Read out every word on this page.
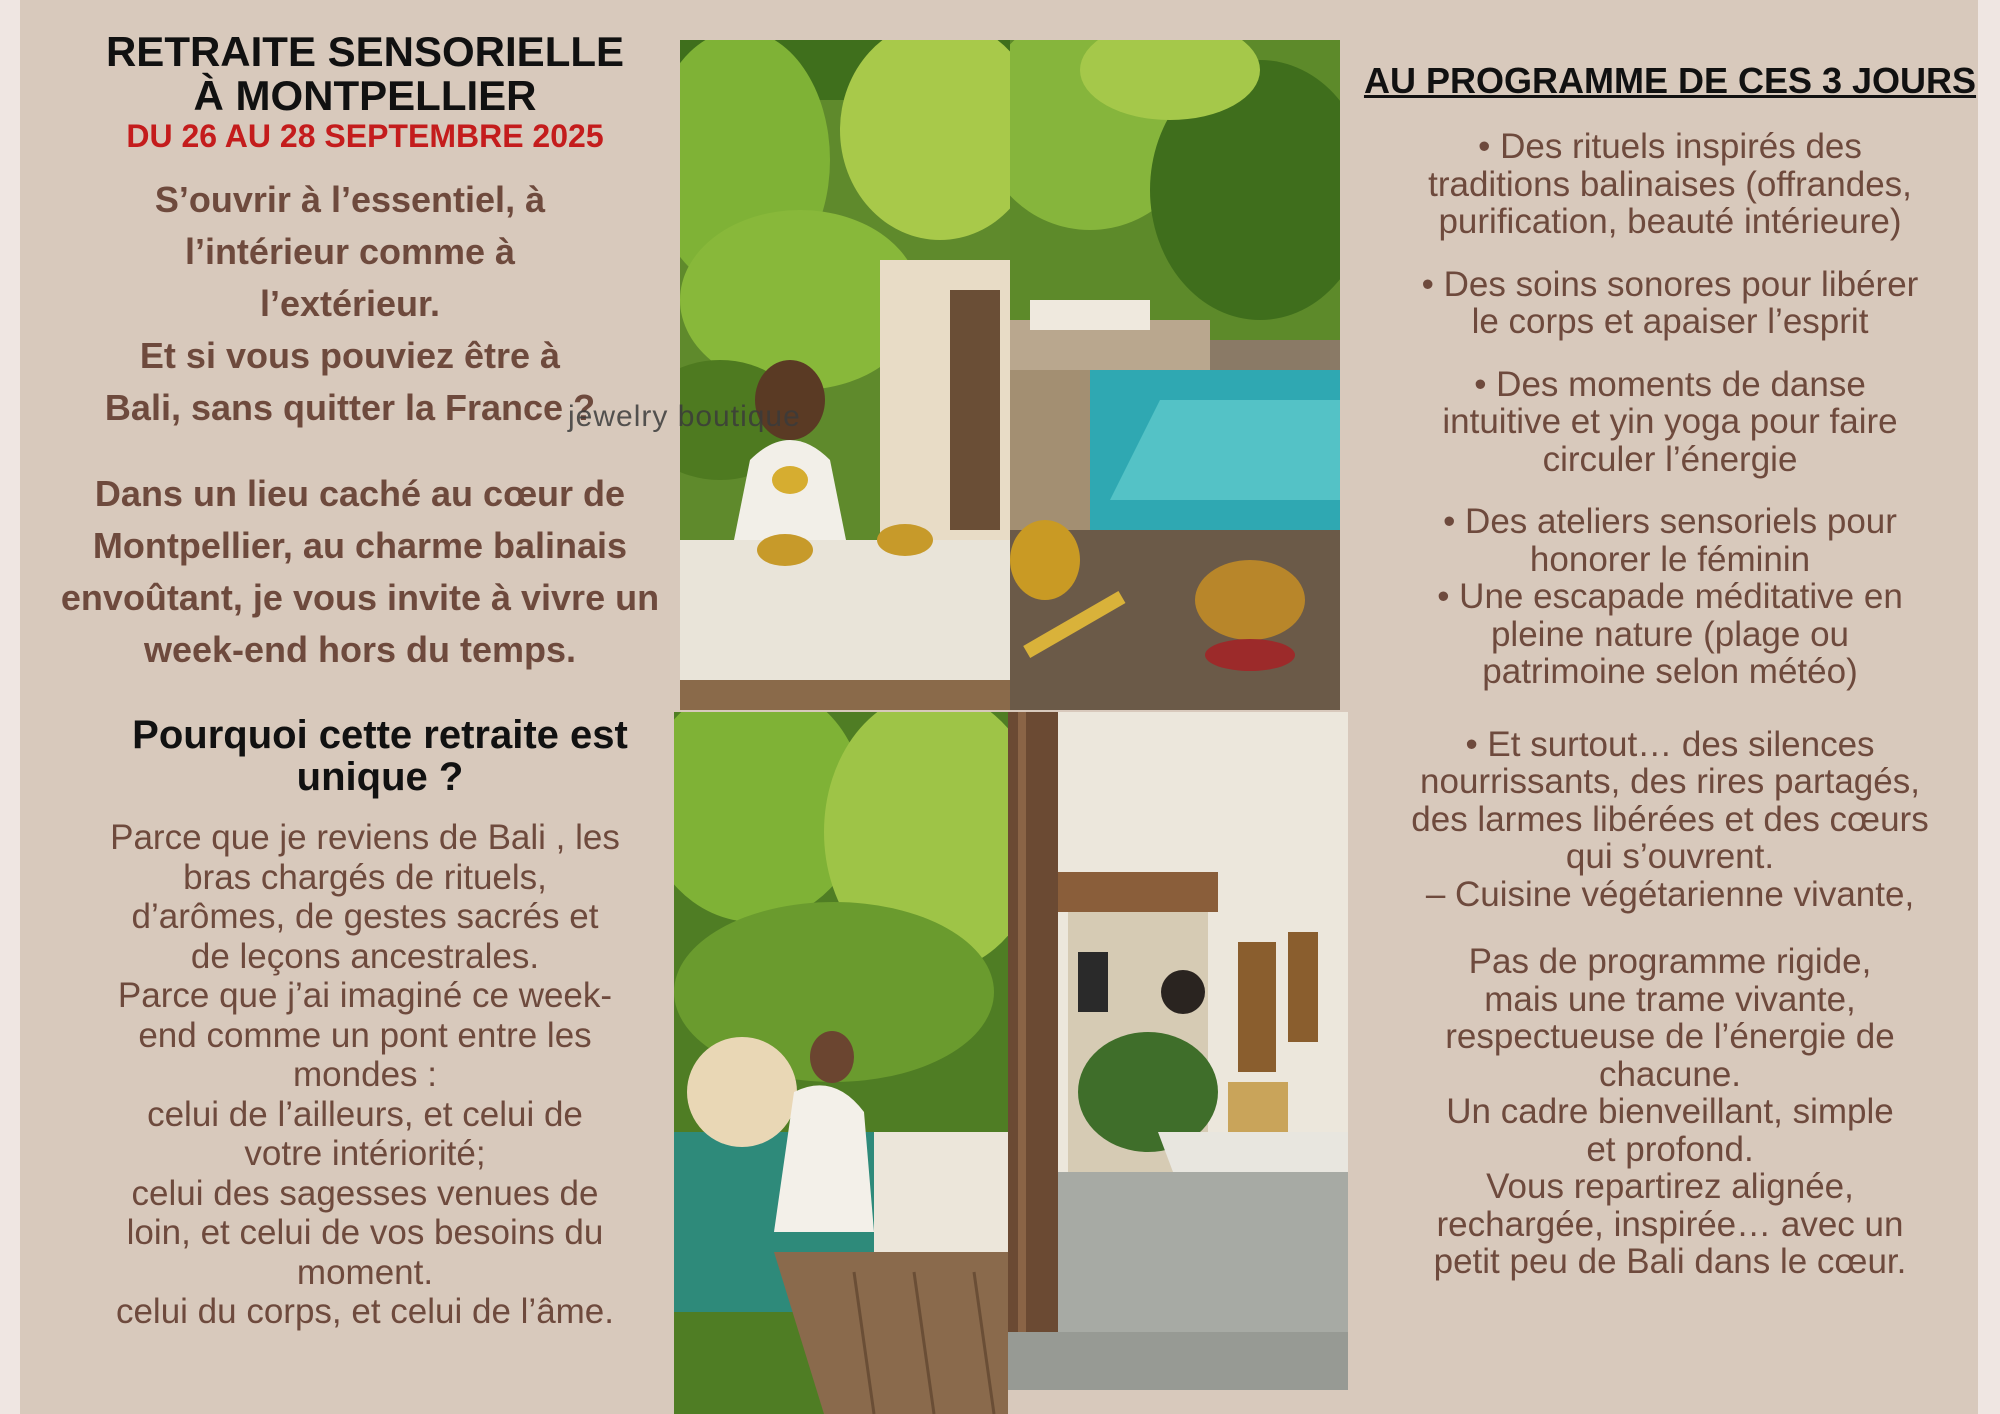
RETRAITE SENSORIELLE

À MONTPELLIER

DU 26 AU 28 SEPTEMBRE 2025

S’ouvrir à l’essentiel, à
l’intérieur comme à
l’extérieur.
Et si vous pouviez être à
Bali, sans quitter la France ?

Dans un lieu caché au cœur de Montpellier, au charme balinais envoûtant, je vous invite à vivre un week-end hors du temps.

Pourquoi cette retraite est unique ?

Parce que je reviens de Bali , les
bras chargés de rituels,
d’arômes, de gestes sacrés et
de leçons ancestrales.
Parce que j’ai imaginé ce week-
end comme un pont entre les
mondes :
celui de l’ailleurs, et celui de
votre intériorité;
celui des sagesses venues de
loin, et celui de vos besoins du
moment.
celui du corps, et celui de l’âme.

jewelry boutique

AU PROGRAMME DE CES 3 JOURS

• Des rituels inspirés des
traditions balinaises (offrandes,
purification, beauté intérieure)

• Des soins sonores pour libérer
le corps et apaiser l’esprit

• Des moments de danse
intuitive et yin yoga pour faire
circuler l’énergie

• Des ateliers sensoriels pour
honorer le féminin

• Une escapade méditative en
pleine nature (plage ou
patrimoine selon météo)

• Et surtout… des silences
nourrissants, des rires partagés,
des larmes libérées et des cœurs
qui s’ouvrent.
– Cuisine végétarienne vivante,

Pas de programme rigide,
mais une trame vivante,
respectueuse de l’énergie de
chacune.
Un cadre bienveillant, simple
et profond.
Vous repartirez alignée,
rechargée, inspirée… avec un
petit peu de Bali dans le cœur.
